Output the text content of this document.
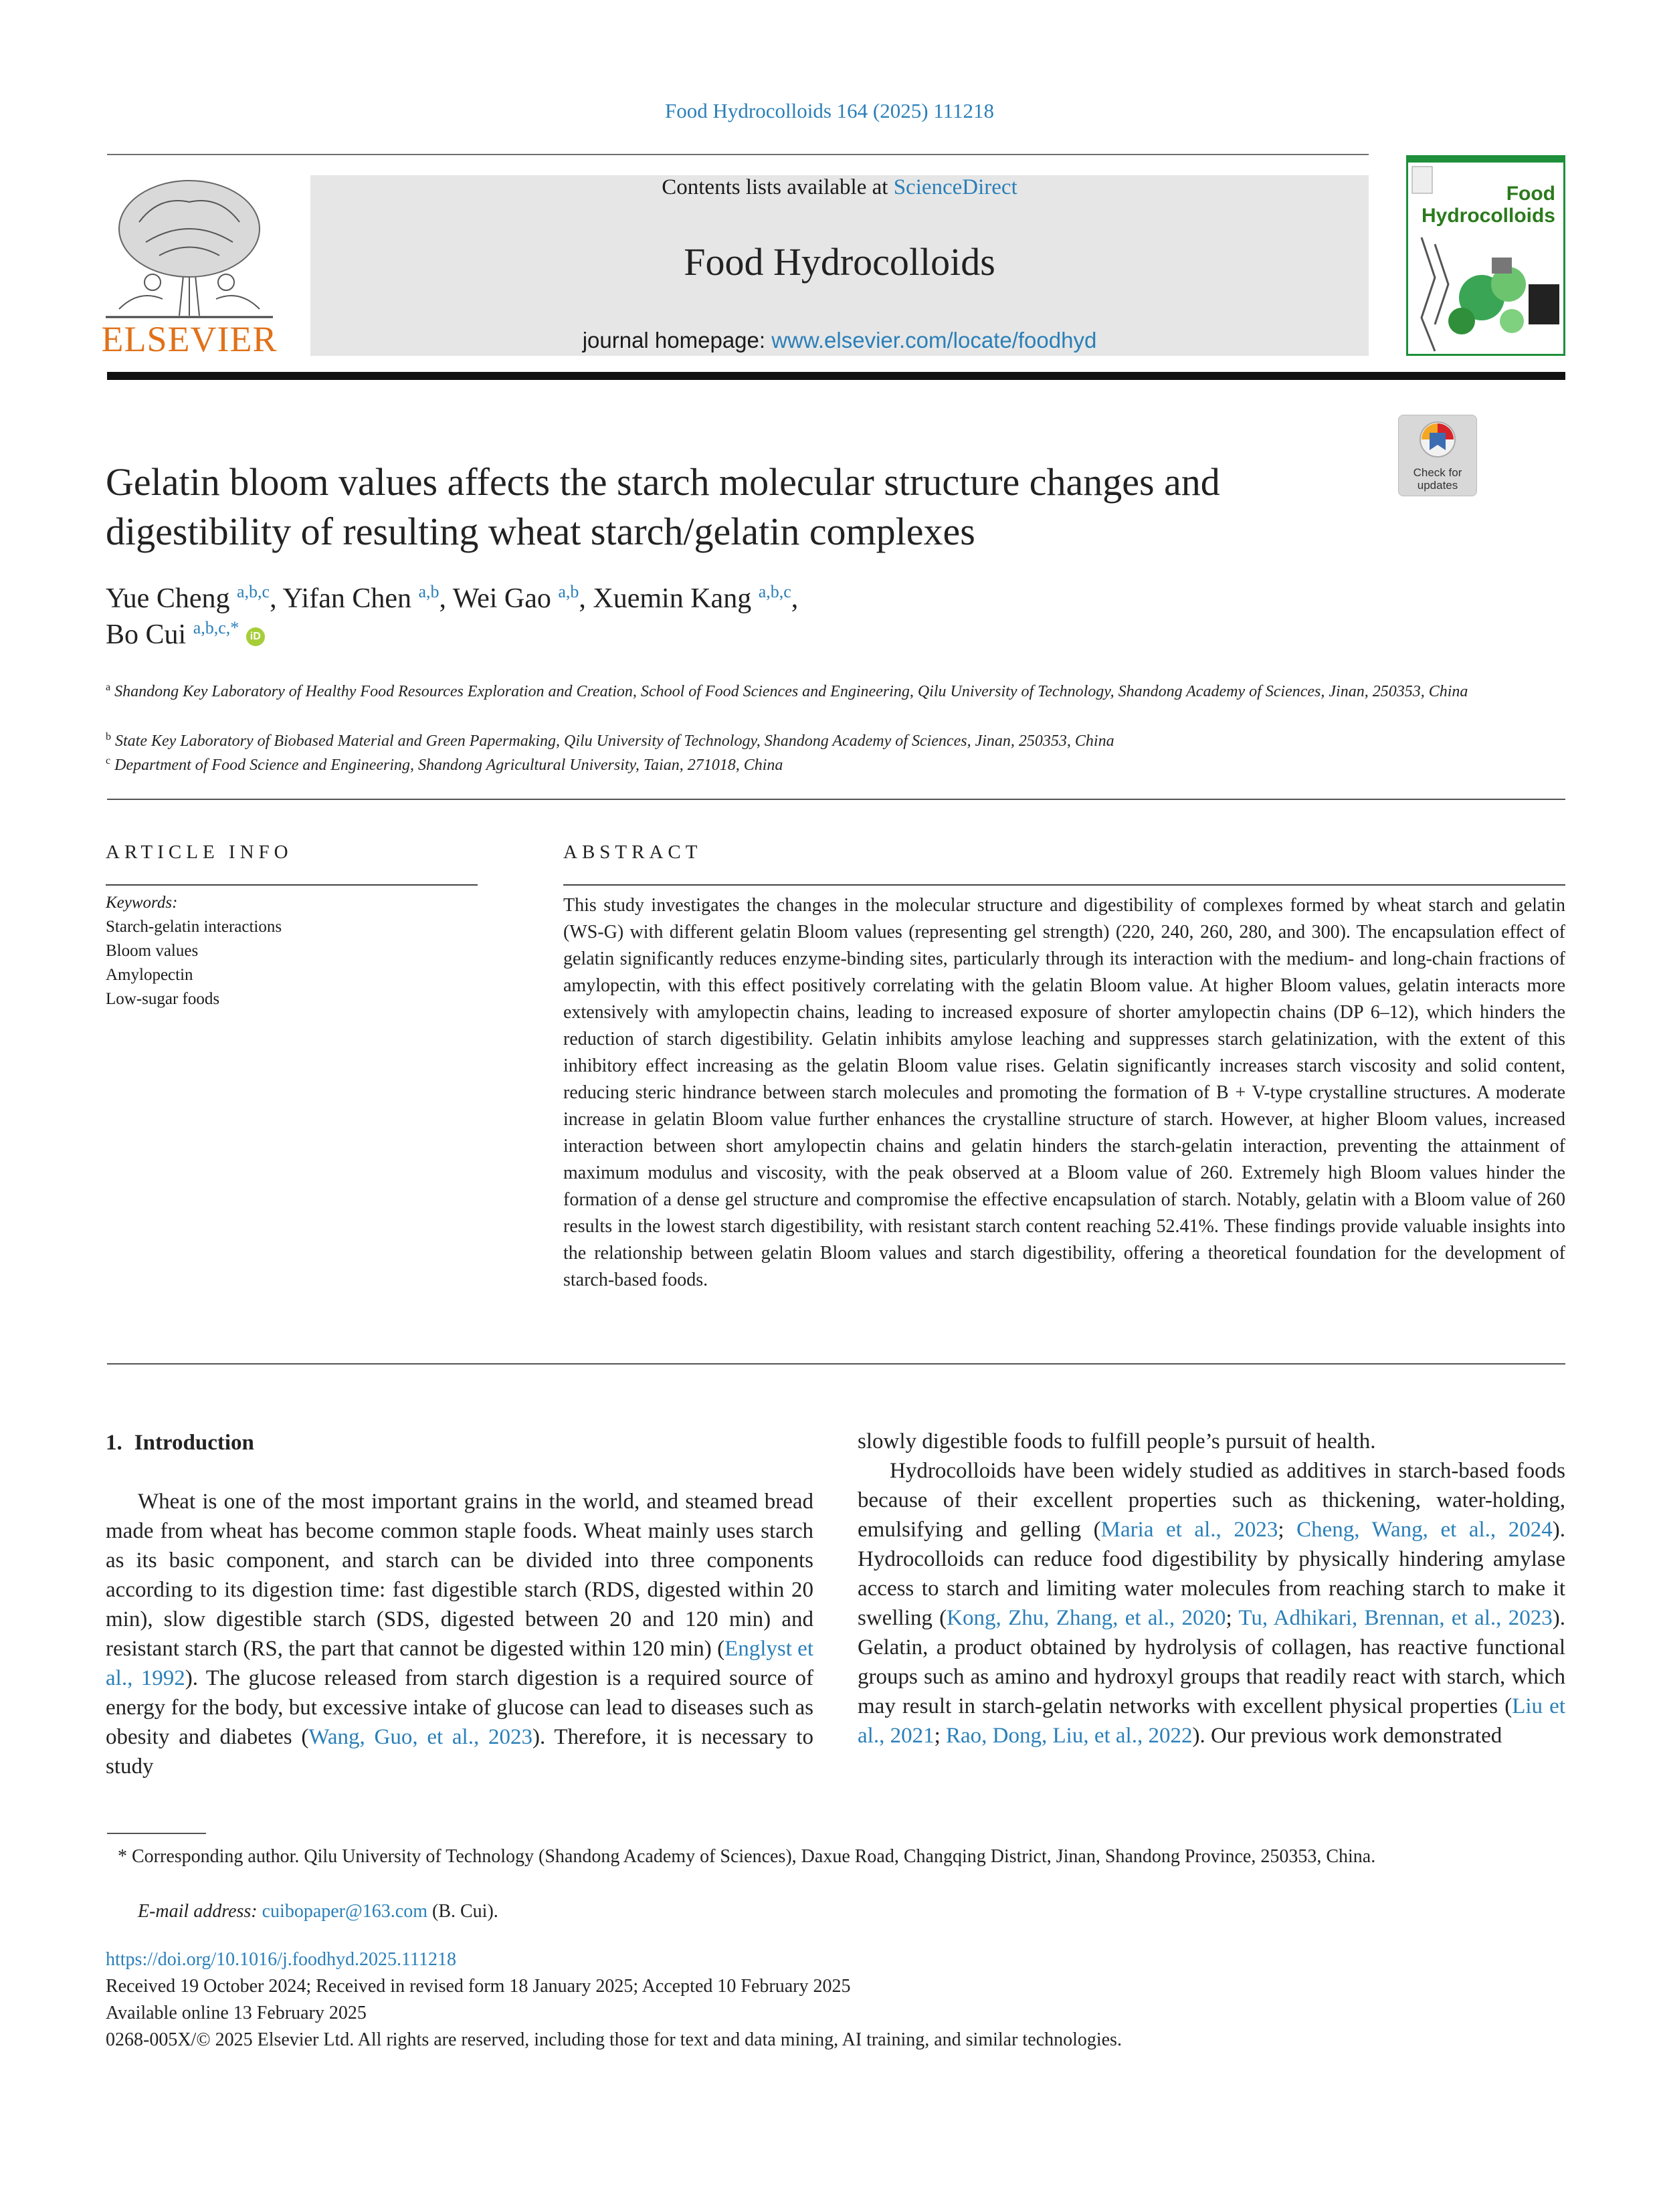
Food Hydrocolloids 164 (2025) 111218
ELSEVIER
Contents lists available at ScienceDirect
Food Hydrocolloids
journal homepage: www.elsevier.com/locate/foodhyd
Food
Hydrocolloids
Check for
updates
Gelatin bloom values affects the starch molecular structure changes and digestibility of resulting wheat starch/gelatin complexes
Yue Cheng $^{a,b,c}$, Yifan Chen $^{a,b}$, Wei Gao $^{a,b}$, Xuemin Kang $^{a,b,c}$,
Bo Cui $^{a,b,c,*}$ iD
$^a$ Shandong Key Laboratory of Healthy Food Resources Exploration and Creation, School of Food Sciences and Engineering, Qilu University of Technology, Shandong Academy of Sciences, Jinan, 250353, China
$^b$ State Key Laboratory of Biobased Material and Green Papermaking, Qilu University of Technology, Shandong Academy of Sciences, Jinan, 250353, China
$^c$ Department of Food Science and Engineering, Shandong Agricultural University, Taian, 271018, China
ARTICLE INFO
Keywords:
Starch-gelatin interactions
Bloom values
Amylopectin
Low-sugar foods
ABSTRACT
This study investigates the changes in the molecular structure and digestibility of complexes formed by wheat starch and gelatin (WS-G) with different gelatin Bloom values (representing gel strength) (220, 240, 260, 280, and 300). The encapsulation effect of gelatin significantly reduces enzyme-binding sites, particularly through its interaction with the medium- and long-chain fractions of amylopectin, with this effect positively correlating with the gelatin Bloom value. At higher Bloom values, gelatin interacts more extensively with amylopectin chains, leading to increased exposure of shorter amylopectin chains (DP 6–12), which hinders the reduction of starch digestibility. Gelatin inhibits amylose leaching and suppresses starch gelatinization, with the extent of this inhibitory effect increasing as the gelatin Bloom value rises. Gelatin significantly increases starch viscosity and solid content, reducing steric hindrance between starch molecules and promoting the formation of B + V-type crystalline structures. A moderate increase in gelatin Bloom value further enhances the crystalline structure of starch. However, at higher Bloom values, increased interaction between short amylopectin chains and gelatin hinders the starch-gelatin interaction, preventing the attainment of maximum modulus and viscosity, with the peak observed at a Bloom value of 260. Extremely high Bloom values hinder the formation of a dense gel structure and compromise the effective encapsulation of starch. Notably, gelatin with a Bloom value of 260 results in the lowest starch digestibility, with resistant starch content reaching 52.41%. These findings provide valuable insights into the relationship between gelatin Bloom values and starch digestibility, offering a theoretical foundation for the development of starch-based foods.
1. Introduction

Wheat is one of the most important grains in the world, and steamed bread made from wheat has become common staple foods. Wheat mainly uses starch as its basic component, and starch can be divided into three components according to its digestion time: fast digestible starch (RDS, digested within 20 min), slow digestible starch (SDS, digested between 20 and 120 min) and resistant starch (RS, the part that cannot be digested within 120 min) (Englyst et al., 1992). The glucose released from starch digestion is a required source of energy for the body, but excessive intake of glucose can lead to diseases such as obesity and diabetes (Wang, Guo, et al., 2023). Therefore, it is necessary to study

slowly digestible foods to fulfill people’s pursuit of health.

Hydrocolloids have been widely studied as additives in starch-based foods because of their excellent properties such as thickening, water-holding, emulsifying and gelling (Maria et al., 2023; Cheng, Wang, et al., 2024). Hydrocolloids can reduce food digestibility by physically hindering amylase access to starch and limiting water molecules from reaching starch to make it swelling (Kong, Zhu, Zhang, et al., 2020; Tu, Adhikari, Brennan, et al., 2023). Gelatin, a product obtained by hydrolysis of collagen, has reactive functional groups such as amino and hydroxyl groups that readily react with starch, which may result in starch-gelatin networks with excellent physical properties (Liu et al., 2021; Rao, Dong, Liu, et al., 2022). Our previous work demonstrated

* Corresponding author. Qilu University of Technology (Shandong Academy of Sciences), Daxue Road, Changqing District, Jinan, Shandong Province, 250353, China.
E-mail address: cuibopaper@163.com (B. Cui).
https://doi.org/10.1016/j.foodhyd.2025.111218
Received 19 October 2024; Received in revised form 18 January 2025; Accepted 10 February 2025
Available online 13 February 2025
0268-005X/© 2025 Elsevier Ltd. All rights are reserved, including those for text and data mining, AI training, and similar technologies.
